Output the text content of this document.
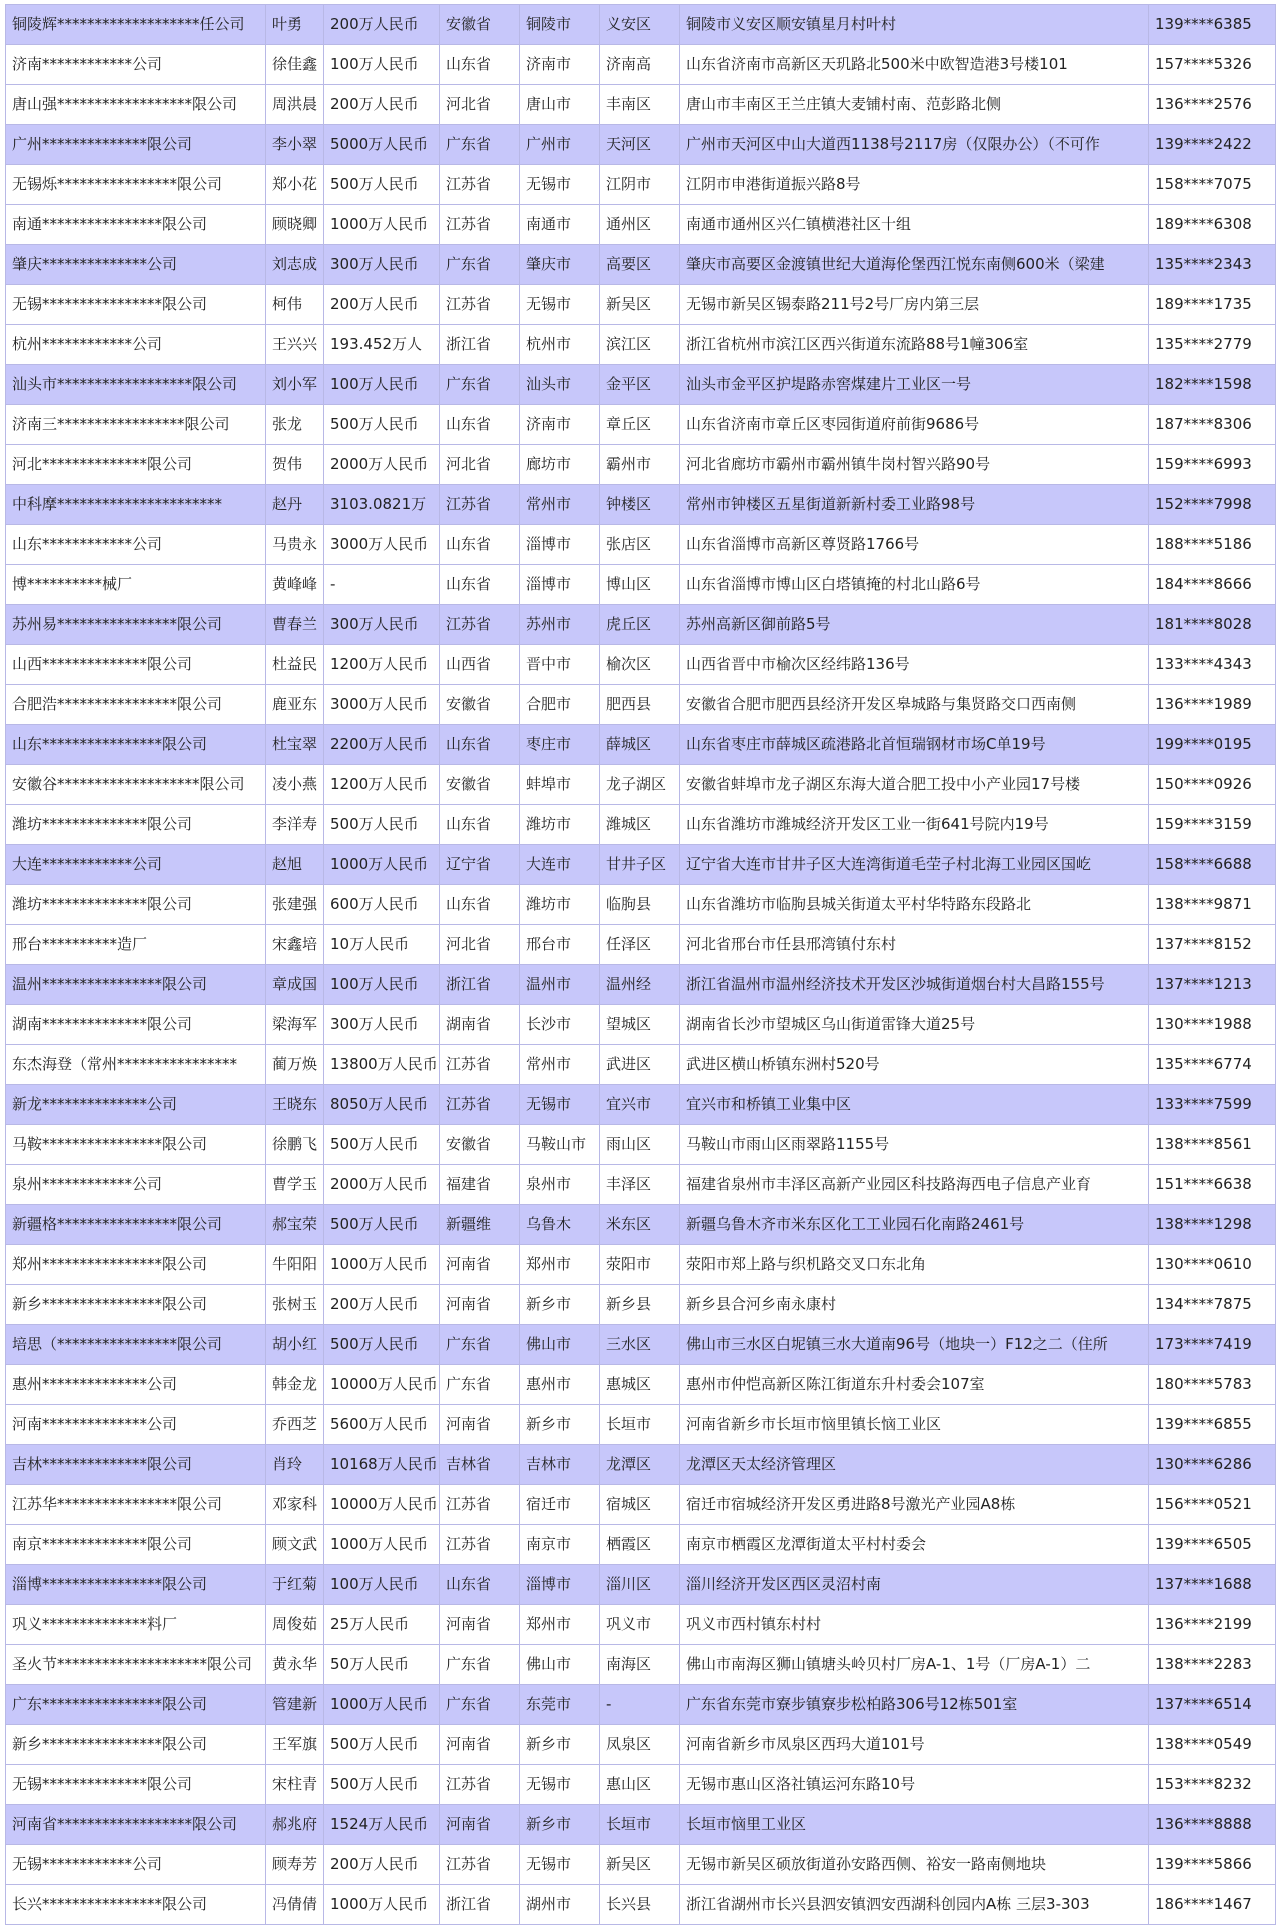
铜陵辉*******************任公司	叶勇	200万人民币	安徽省	铜陵市	义安区	铜陵市义安区顺安镇星月村叶村	139****6385
济南************公司	徐佳鑫	100万人民币	山东省	济南市	济南高	山东省济南市高新区天玑路北500米中欧智造港3号楼101	157****5326
唐山强******************限公司	周洪晨	200万人民币	河北省	唐山市	丰南区	唐山市丰南区王兰庄镇大麦铺村南、范彭路北侧	136****2576
广州**************限公司	李小翠	5000万人民币	广东省	广州市	天河区	广州市天河区中山大道西1138号2117房（仅限办公）（不可作	139****2422
无锡烁****************限公司	郑小花	500万人民币	江苏省	无锡市	江阴市	江阴市申港街道振兴路8号	158****7075
南通****************限公司	顾晓卿	1000万人民币	江苏省	南通市	通州区	南通市通州区兴仁镇横港社区十组	189****6308
肇庆**************公司	刘志成	300万人民币	广东省	肇庆市	高要区	肇庆市高要区金渡镇世纪大道海伦堡西江悦东南侧600米（梁建	135****2343
无锡****************限公司	柯伟	200万人民币	江苏省	无锡市	新吴区	无锡市新吴区锡泰路211号2号厂房内第三层	189****1735
杭州************公司	王兴兴	193.452万人	浙江省	杭州市	滨江区	浙江省杭州市滨江区西兴街道东流路88号1幢306室	135****2779
汕头市******************限公司	刘小军	100万人民币	广东省	汕头市	金平区	汕头市金平区护堤路赤窖煤建片工业区一号	182****1598
济南三*****************限公司	张龙	500万人民币	山东省	济南市	章丘区	山东省济南市章丘区枣园街道府前街9686号	187****8306
河北**************限公司	贺伟	2000万人民币	河北省	廊坊市	霸州市	河北省廊坊市霸州市霸州镇牛岗村智兴路90号	159****6993
中科摩**********************	赵丹	3103.0821万	江苏省	常州市	钟楼区	常州市钟楼区五星街道新新村委工业路98号	152****7998
山东************公司	马贵永	3000万人民币	山东省	淄博市	张店区	山东省淄博市高新区尊贤路1766号	188****5186
博**********械厂	黄峰峰	-	山东省	淄博市	博山区	山东省淄博市博山区白塔镇掩的村北山路6号	184****8666
苏州易****************限公司	曹春兰	300万人民币	江苏省	苏州市	虎丘区	苏州高新区御前路5号	181****8028
山西**************限公司	杜益民	1200万人民币	山西省	晋中市	榆次区	山西省晋中市榆次区经纬路136号	133****4343
合肥浩****************限公司	鹿亚东	3000万人民币	安徽省	合肥市	肥西县	安徽省合肥市肥西县经济开发区皋城路与集贤路交口西南侧	136****1989
山东****************限公司	杜宝翠	2200万人民币	山东省	枣庄市	薛城区	山东省枣庄市薛城区疏港路北首恒瑞钢材市场C单19号	199****0195
安徽谷*******************限公司	凌小燕	1200万人民币	安徽省	蚌埠市	龙子湖区	安徽省蚌埠市龙子湖区东海大道合肥工投中小产业园17号楼	150****0926
潍坊**************限公司	李洋寿	500万人民币	山东省	潍坊市	潍城区	山东省潍坊市潍城经济开发区工业一街641号院内19号	159****3159
大连************公司	赵旭	1000万人民币	辽宁省	大连市	甘井子区	辽宁省大连市甘井子区大连湾街道毛茔子村北海工业园区国屹	158****6688
潍坊**************限公司	张建强	600万人民币	山东省	潍坊市	临朐县	山东省潍坊市临朐县城关街道太平村华特路东段路北	138****9871
邢台**********造厂	宋鑫培	10万人民币	河北省	邢台市	任泽区	河北省邢台市任县邢湾镇付东村	137****8152
温州****************限公司	章成国	100万人民币	浙江省	温州市	温州经	浙江省温州市温州经济技术开发区沙城街道烟台村大昌路155号	137****1213
湖南**************限公司	梁海军	300万人民币	湖南省	长沙市	望城区	湖南省长沙市望城区乌山街道雷锋大道25号	130****1988
东杰海登（常州****************	蔺万焕	13800万人民币	江苏省	常州市	武进区	武进区横山桥镇东洲村520号	135****6774
新龙**************公司	王晓东	8050万人民币	江苏省	无锡市	宜兴市	宜兴市和桥镇工业集中区	133****7599
马鞍****************限公司	徐鹏飞	500万人民币	安徽省	马鞍山市	雨山区	马鞍山市雨山区雨翠路1155号	138****8561
泉州************公司	曹学玉	2000万人民币	福建省	泉州市	丰泽区	福建省泉州市丰泽区高新产业园区科技路海西电子信息产业育	151****6638
新疆格****************限公司	郝宝荣	500万人民币	新疆维	乌鲁木	米东区	新疆乌鲁木齐市米东区化工工业园石化南路2461号	138****1298
郑州****************限公司	牛阳阳	1000万人民币	河南省	郑州市	荥阳市	荥阳市郑上路与织机路交叉口东北角	130****0610
新乡****************限公司	张树玉	200万人民币	河南省	新乡市	新乡县	新乡县合河乡南永康村	134****7875
培思（****************限公司	胡小红	500万人民币	广东省	佛山市	三水区	佛山市三水区白坭镇三水大道南96号（地块一）F12之二（住所	173****7419
惠州**************公司	韩金龙	10000万人民币	广东省	惠州市	惠城区	惠州市仲恺高新区陈江街道东升村委会107室	180****5783
河南**************公司	乔西芝	5600万人民币	河南省	新乡市	长垣市	河南省新乡市长垣市恼里镇长恼工业区	139****6855
吉林**************限公司	肖玲	10168万人民币	吉林省	吉林市	龙潭区	龙潭区天太经济管理区	130****6286
江苏华****************限公司	邓家科	10000万人民币	江苏省	宿迁市	宿城区	宿迁市宿城经济开发区勇进路8号激光产业园A8栋	156****0521
南京**************限公司	顾文武	1000万人民币	江苏省	南京市	栖霞区	南京市栖霞区龙潭街道太平村村委会	139****6505
淄博****************限公司	于红菊	100万人民币	山东省	淄博市	淄川区	淄川经济开发区西区灵沼村南	137****1688
巩义**************料厂	周俊茹	25万人民币	河南省	郑州市	巩义市	巩义市西村镇东村村	136****2199
圣火节********************限公司	黄永华	50万人民币	广东省	佛山市	南海区	佛山市南海区狮山镇塘头岭贝村厂房A-1、1号（厂房A-1）二	138****2283
广东****************限公司	管建新	1000万人民币	广东省	东莞市	-	广东省东莞市寮步镇寮步松柏路306号12栋501室	137****6514
新乡****************限公司	王军旗	500万人民币	河南省	新乡市	凤泉区	河南省新乡市凤泉区西玛大道101号	138****0549
无锡**************限公司	宋柱青	500万人民币	江苏省	无锡市	惠山区	无锡市惠山区洛社镇运河东路10号	153****8232
河南省******************限公司	郝兆府	1524万人民币	河南省	新乡市	长垣市	长垣市恼里工业区	136****8888
无锡************公司	顾寿芳	200万人民币	江苏省	无锡市	新吴区	无锡市新吴区硕放街道孙安路西侧、裕安一路南侧地块	139****5866
长兴****************限公司	冯倩倩	1000万人民币	浙江省	湖州市	长兴县	浙江省湖州市长兴县泗安镇泗安西湖科创园内A栋 三层3-303	186****1467
